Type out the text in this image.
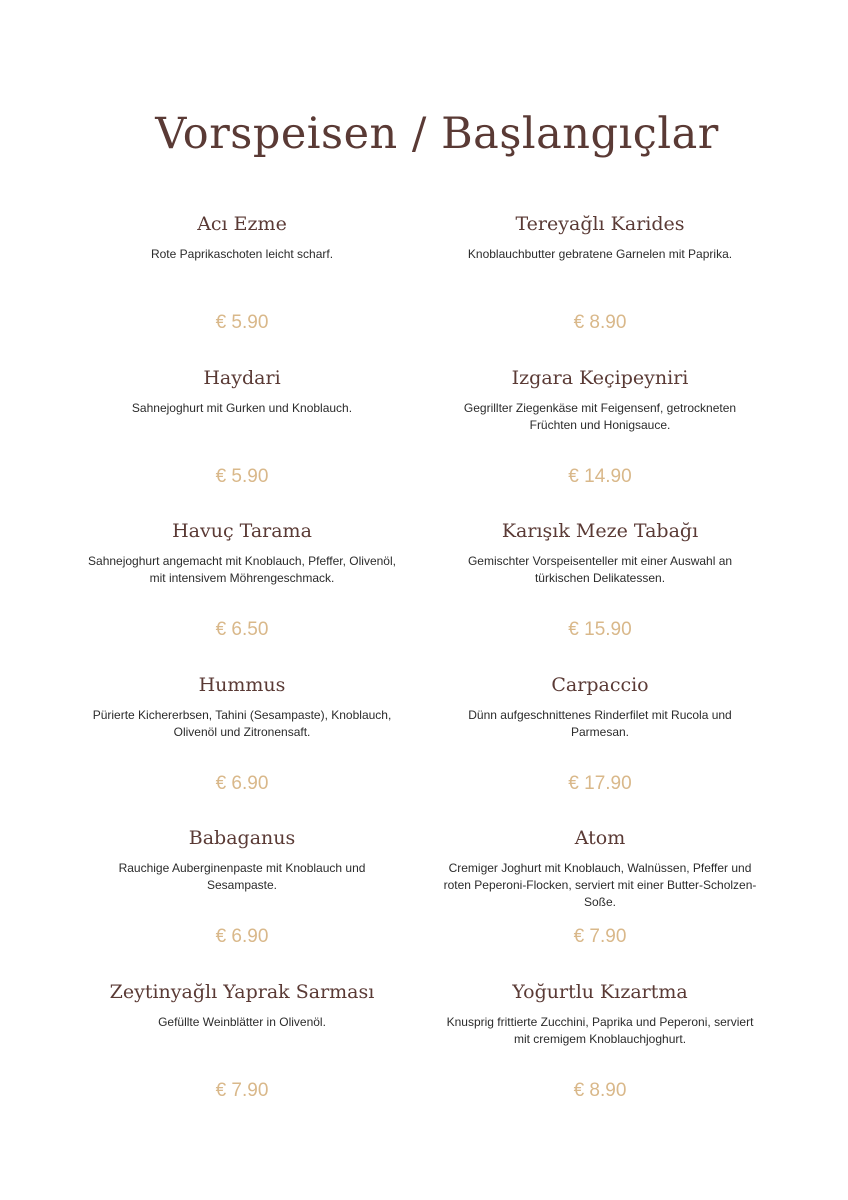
Vorspeisen / Başlangıçlar
Acı Ezme
Rote Paprikaschoten leicht scharf.
€ 5.90
Tereyağlı Karides
Knoblauchbutter gebratene Garnelen mit Paprika.
€ 8.90
Haydari
Sahnejoghurt mit Gurken und Knoblauch.
€ 5.90
Izgara Keçipeyniri
Gegrillter Ziegenkäse mit Feigensenf, getrockneten Früchten und Honigsauce.
€ 14.90
Havuç Tarama
Sahnejoghurt angemacht mit Knoblauch, Pfeffer, Olivenöl, mit intensivem Möhrengeschmack.
€ 6.50
Karışık Meze Tabağı
Gemischter Vorspeisenteller mit einer Auswahl an türkischen Delikatessen.
€ 15.90
Hummus
Pürierte Kichererbsen, Tahini (Sesampaste), Knoblauch, Olivenöl und Zitronensaft.
€ 6.90
Carpaccio
Dünn aufgeschnittenes Rinderfilet mit Rucola und Parmesan.
€ 17.90
Babaganus
Rauchige Auberginenpaste mit Knoblauch und Sesampaste.
€ 6.90
Atom
Cremiger Joghurt mit Knoblauch, Walnüssen, Pfeffer und roten Peperoni-Flocken, serviert mit einer Butter-Scholzen-Soße.
€ 7.90
Zeytinyağlı Yaprak Sarması
Gefüllte Weinblätter in Olivenöl.
€ 7.90
Yoğurtlu Kızartma
Knusprig frittierte Zucchini, Paprika und Peperoni, serviert mit cremigem Knoblauchjoghurt.
€ 8.90
